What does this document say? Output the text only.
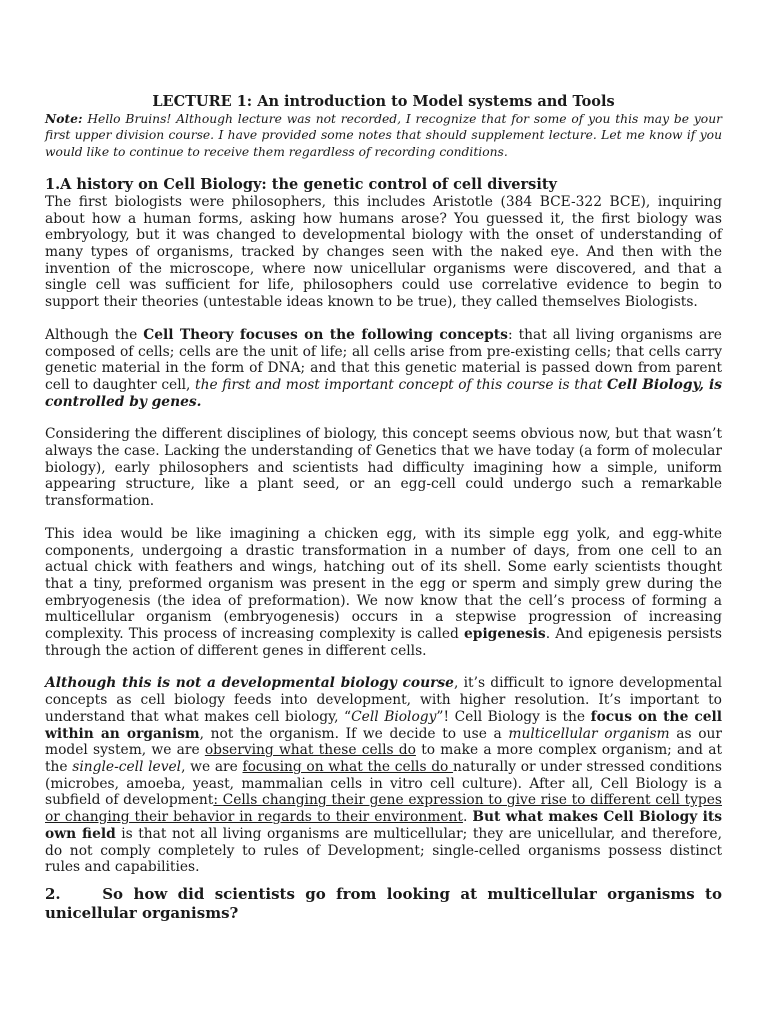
LECTURE 1: An introduction to Model systems and Tools

Note: Hello Bruins! Although lecture was not recorded, I recognize that for some of you this may be your first upper division course. I have provided some notes that should supplement lecture. Let me know if you would like to continue to receive them regardless of recording conditions.

1.A history on Cell Biology: the genetic control of cell diversity

The first biologists were philosophers, this includes Aristotle (384 BCE-322 BCE), inquiring about how a human forms, asking how humans arose? You guessed it, the first biology was embryology, but it was changed to developmental biology with the onset of understanding of many types of organisms, tracked by changes seen with the naked eye. And then with the invention of the microscope, where now unicellular organisms were discovered, and that a single cell was sufficient for life, philosophers could use correlative evidence to begin to support their theories (untestable ideas known to be true), they called themselves Biologists.

Although the Cell Theory focuses on the following concepts: that all living organisms are composed of cells; cells are the unit of life; all cells arise from pre-existing cells; that cells carry genetic material in the form of DNA; and that this genetic material is passed down from parent cell to daughter cell, the first and most important concept of this course is that Cell Biology, is controlled by genes.

Considering the different disciplines of biology, this concept seems obvious now, but that wasn’t always the case. Lacking the understanding of Genetics that we have today (a form of molecular biology), early philosophers and scientists had difficulty imagining how a simple, uniform appearing structure, like a plant seed, or an egg-cell could undergo such a remarkable transformation.

This idea would be like imagining a chicken egg, with its simple egg yolk, and egg-white components, undergoing a drastic transformation in a number of days, from one cell to an actual chick with feathers and wings, hatching out of its shell. Some early scientists thought that a tiny, preformed organism was present in the egg or sperm and simply grew during the embryogenesis (the idea of preformation). We now know that the cell’s process of forming a multicellular organism (embryogenesis) occurs in a stepwise progression of increasing complexity. This process of increasing complexity is called epigenesis. And epigenesis persists through the action of different genes in different cells.

Although this is not a developmental biology course, it’s difficult to ignore developmental concepts as cell biology feeds into development, with higher resolution. It’s important to understand that what makes cell biology, “Cell Biology”! Cell Biology is the focus on the cell within an organism, not the organism. If we decide to use a multicellular organism as our model system, we are observing what these cells do to make a more complex organism; and at the single-cell level, we are focusing on what the cells do naturally or under stressed conditions (microbes, amoeba, yeast, mammalian cells in vitro cell culture). After all, Cell Biology is a subfield of development: Cells changing their gene expression to give rise to different cell types or changing their behavior in regards to their environment. But what makes Cell Biology its own field is that not all living organisms are multicellular; they are unicellular, and therefore, do not comply completely to rules of Development; single-celled organisms possess distinct rules and capabilities.

2.    So how did scientists go from looking at multicellular organisms to unicellular organisms?
